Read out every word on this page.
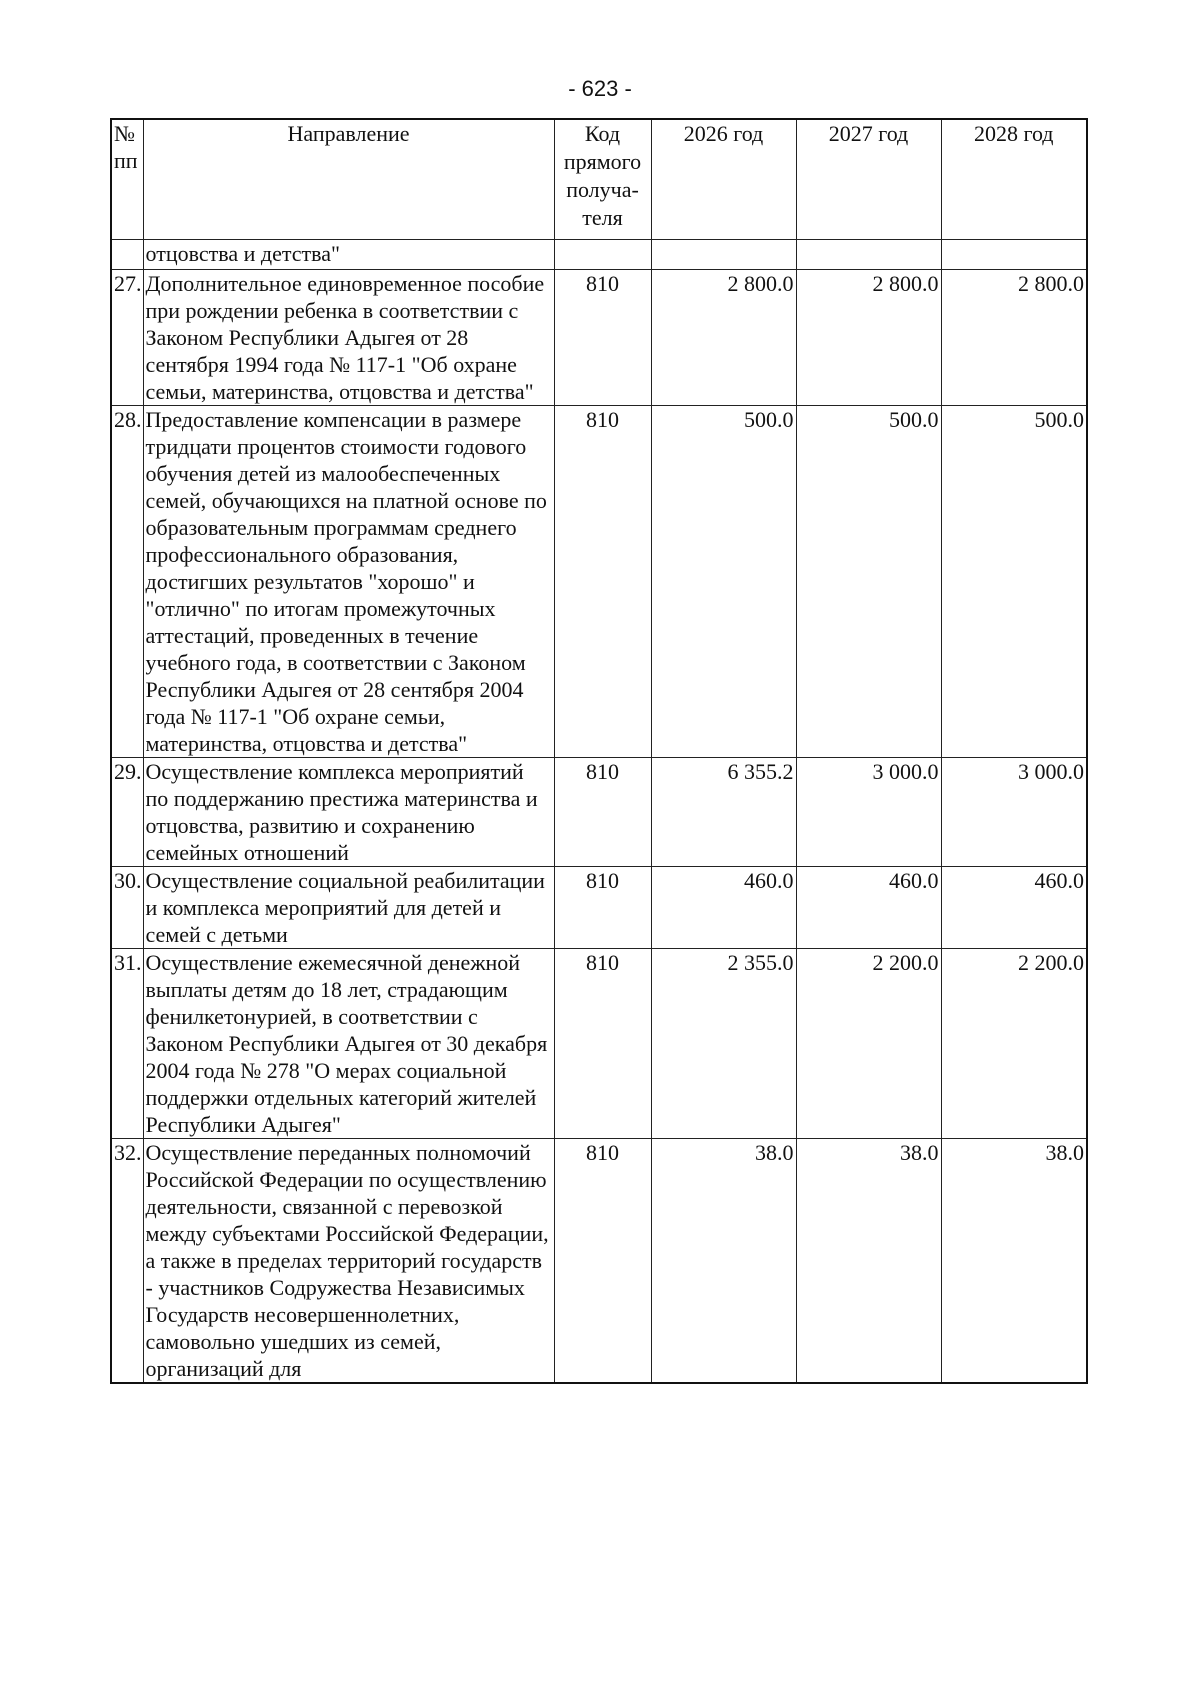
- 623 -
№ пп	Направление	Код прямого получа-теля	2026 год	2027 год	2028 год
	отцовства и детства"				
27.	Дополнительное единовременное пособие при рождении ребенка в соответствии с Законом Республики Адыгея от 28 сентября 1994 года № 117-1 "Об охране семьи, материнства, отцовства и детства"	810	2 800.0	2 800.0	2 800.0
28.	Предоставление компенсации в размере тридцати процентов стоимости годового обучения детей из малообеспеченных семей, обучающихся на платной основе по образовательным программам среднего профессионального образования, достигших результатов "хорошо" и "отлично" по итогам промежуточных аттестаций, проведенных в течение учебного года, в соответствии с Законом Республики Адыгея от 28 сентября 2004 года № 117-1 "Об охране семьи, материнства, отцовства и детства"	810	500.0	500.0	500.0
29.	Осуществление комплекса мероприятий по поддержанию престижа материнства и отцовства, развитию и сохранению семейных отношений	810	6 355.2	3 000.0	3 000.0
30.	Осуществление социальной реабилитации и комплекса мероприятий для детей и семей с детьми	810	460.0	460.0	460.0
31.	Осуществление ежемесячной денежной выплаты детям до 18 лет, страдающим фенилкетонурией, в соответствии с Законом Республики Адыгея от 30 декабря 2004 года № 278 "О мерах социальной поддержки отдельных категорий жителей Республики Адыгея"	810	2 355.0	2 200.0	2 200.0
32.	Осуществление переданных полномочий Российской Федерации по осуществлению деятельности, связанной с перевозкой между субъектами Российской Федерации, а также в пределах территорий государств - участников Содружества Независимых Государств несовершеннолетних, самовольно ушедших из семей, организаций для	810	38.0	38.0	38.0
